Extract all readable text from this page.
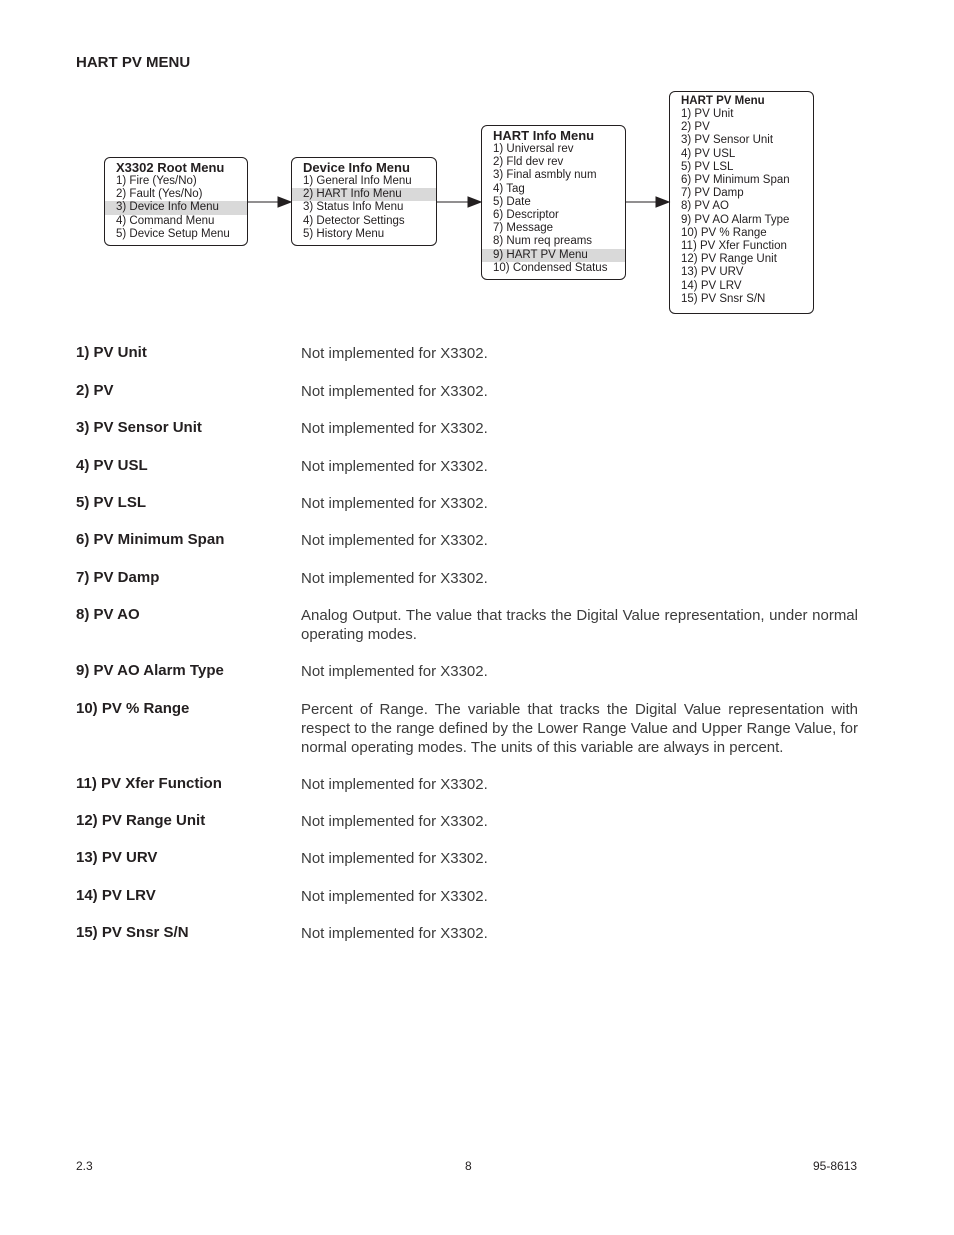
HART PV MENU
X3302 Root Menu
1) Fire (Yes/No)
2) Fault (Yes/No)
3) Device Info Menu
4) Command Menu
5) Device Setup Menu
Device Info Menu
1) General Info Menu
2) HART Info Menu
3) Status Info Menu
4) Detector Settings
5) History Menu
HART Info Menu
1) Universal rev
2) Fld dev rev
3) Final asmbly num
4) Tag
5) Date
6) Descriptor
7) Message
8) Num req preams
9) HART PV Menu
10) Condensed Status
HART PV Menu
1) PV Unit
2) PV
3) PV Sensor Unit
4) PV USL
5) PV LSL
6) PV Minimum Span
7) PV Damp
8) PV AO
9) PV AO Alarm Type
10) PV % Range
11) PV Xfer Function
12) PV Range Unit
13) PV URV
14) PV LRV
15) PV Snsr S/N
1) PV Unit	Not implemented for X3302.
2) PV	Not implemented for X3302.
3) PV Sensor Unit	Not implemented for X3302.
4) PV USL	Not implemented for X3302.
5) PV LSL	Not implemented for X3302.
6) PV Minimum Span	Not implemented for X3302.
7) PV Damp	Not implemented for X3302.
8) PV AO	Analog Output. The value that tracks the Digital Value representation, under normal operating modes.
9) PV AO Alarm Type	Not implemented for X3302.
10) PV % Range	Percent of Range. The variable that tracks the Digital Value representation with respect to the range defined by the Lower Range Value and Upper Range Value, for normal operating modes. The units of this variable are always in percent.
11) PV Xfer Function	Not implemented for X3302.
12) PV Range Unit	Not implemented for X3302.
13) PV URV	Not implemented for X3302.
14) PV LRV	Not implemented for X3302.
15) PV Snsr S/N	Not implemented for X3302.
2.3	8	95-8613
